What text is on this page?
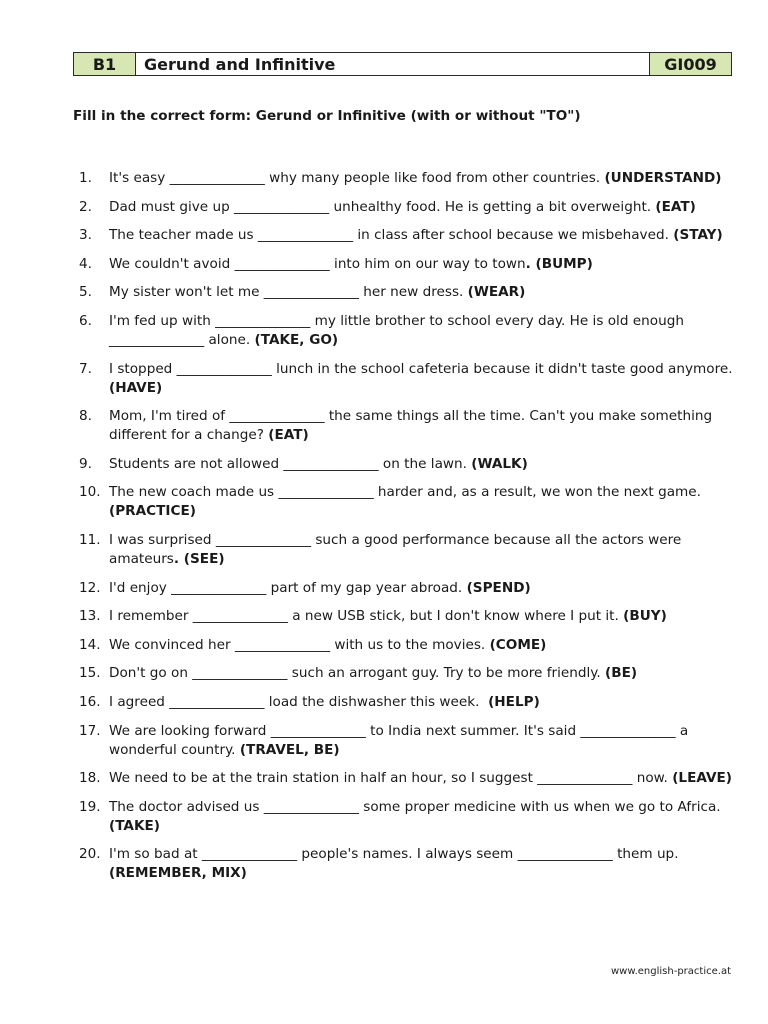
B1	Gerund and Infinitive	GI009
Fill in the correct form: Gerund or Infinitive (with or without "TO")
1.	It's easy ______________ why many people like food from other countries. (UNDERSTAND)
2.	Dad must give up ______________ unhealthy food. He is getting a bit overweight. (EAT)
3.	The teacher made us ______________ in class after school because we misbehaved. (STAY)
4.	We couldn't avoid ______________ into him on our way to town. (BUMP)
5.	My sister won't let me ______________ her new dress. (WEAR)
6.	I'm fed up with ______________ my little brother to school every day. He is old enough ______________ alone. (TAKE, GO)
7.	I stopped ______________ lunch in the school cafeteria because it didn't taste good anymore. (HAVE)
8.	Mom, I'm tired of ______________ the same things all the time. Can't you make something different for a change? (EAT)
9.	Students are not allowed ______________ on the lawn. (WALK)
10. The new coach made us ______________ harder and, as a result, we won the next game. (PRACTICE)
11. I was surprised ______________ such a good performance because all the actors were amateurs. (SEE)
12. I'd enjoy ______________ part of my gap year abroad. (SPEND)
13. I remember ______________ a new USB stick, but I don't know where I put it. (BUY)
14. We convinced her ______________ with us to the movies. (COME)
15. Don't go on ______________ such an arrogant guy. Try to be more friendly. (BE)
16. I agreed ______________ load the dishwasher this week.  (HELP)
17. We are looking forward ______________ to India next summer. It's said ______________ a wonderful country. (TRAVEL, BE)
18. We need to be at the train station in half an hour, so I suggest ______________ now. (LEAVE)
19. The doctor advised us ______________ some proper medicine with us when we go to Africa. (TAKE)
20. I'm so bad at ______________ people's names. I always seem ______________ them up. (REMEMBER, MIX)
www.english-practice.at
